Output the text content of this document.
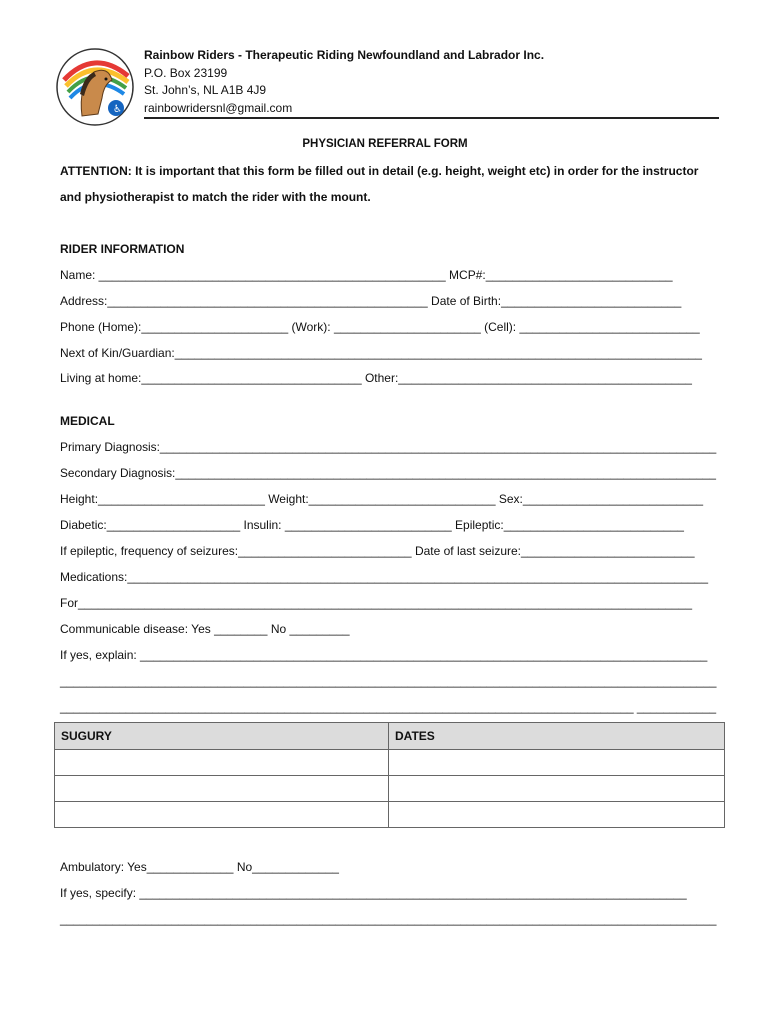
♿
Rainbow Riders - Therapeutic Riding Newfoundland and Labrador Inc.
P.O. Box 23199
St. John’s, NL A1B 4J9
rainbowridersnl@gmail.com
PHYSICIAN REFERRAL FORM
ATTENTION: It is important that this form be filled out in detail (e.g. height, weight etc) in order for the instructor
and physiotherapist to match the rider with the mount.
RIDER INFORMATION
Name: ____________________________________________________ MCP#:____________________________
Address:________________________________________________ Date of Birth:___________________________
Phone (Home):______________________ (Work): ______________________ (Cell): ___________________________
Next of Kin/Guardian:_______________________________________________________________________________
Living at home:_________________________________ Other:____________________________________________
MEDICAL
Primary Diagnosis:____________________________________________________________________________________
Secondary Diagnosis:__________________________________________________________________________________
Height:_________________________ Weight:____________________________ Sex:___________________________
Diabetic:____________________ Insulin: _________________________ Epileptic:___________________________
If epileptic, frequency of seizures:__________________________ Date of last seizure:__________________________
Medications:_______________________________________________________________________________________
For____________________________________________________________________________________________
Communicable disease: Yes ________ No _________
If yes, explain: _____________________________________________________________________________________
____________________________________________________________________________________________________
_______________________________________________________________________________________ ____________
SUGURY	DATES

Ambulatory: Yes_____________ No_____________
If yes, specify: __________________________________________________________________________________
____________________________________________________________________________________________________
